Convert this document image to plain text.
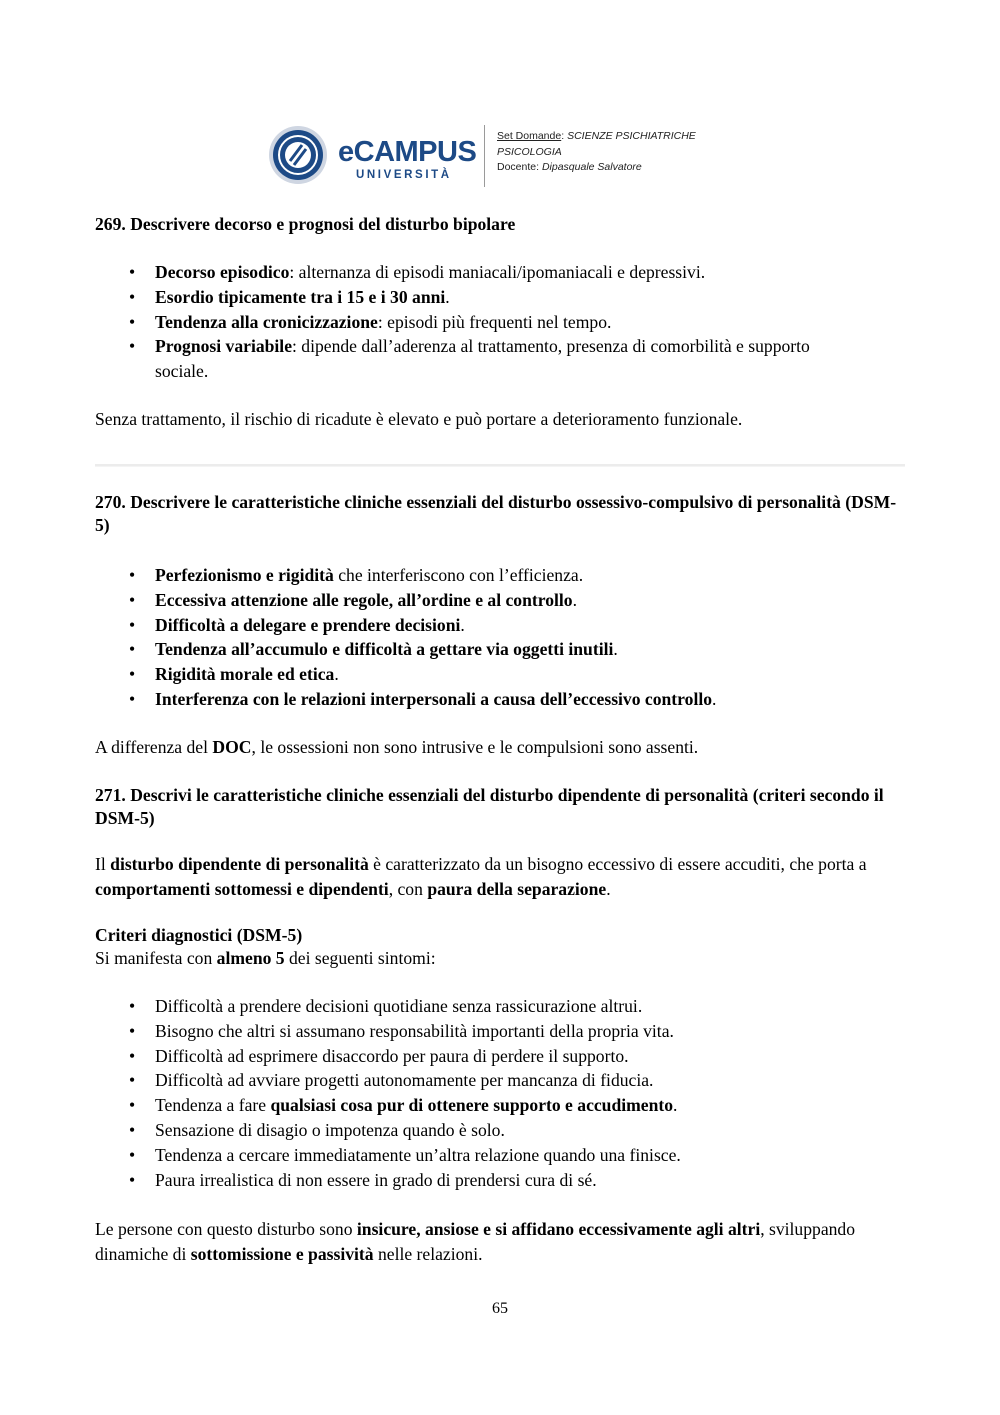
eCAMPUS
UNIVERSITÀ
Set Domande: SCIENZE PSICHIATRICHE
PSICOLOGIA
Docente: Dipasquale Salvatore
269. Descrivere decorso e prognosi del disturbo bipolare
• Decorso episodico: alternanza di episodi maniacali/ipomaniacali e depressivi.
• Esordio tipicamente tra i 15 e i 30 anni.
• Tendenza alla cronicizzazione: episodi più frequenti nel tempo.
• Prognosi variabile: dipende dall’aderenza al trattamento, presenza di comorbilità e supporto sociale.
Senza trattamento, il rischio di ricadute è elevato e può portare a deterioramento funzionale.
270. Descrivere le caratteristiche cliniche essenziali del disturbo ossessivo-compulsivo di personalità (DSM-5)
• Perfezionismo e rigidità che interferiscono con l’efficienza.
• Eccessiva attenzione alle regole, all’ordine e al controllo.
• Difficoltà a delegare e prendere decisioni.
• Tendenza all’accumulo e difficoltà a gettare via oggetti inutili.
• Rigidità morale ed etica.
• Interferenza con le relazioni interpersonali a causa dell’eccessivo controllo.
A differenza del DOC, le ossessioni non sono intrusive e le compulsioni sono assenti.
271. Descrivi le caratteristiche cliniche essenziali del disturbo dipendente di personalità (criteri secondo il DSM-5)
Il disturbo dipendente di personalità è caratterizzato da un bisogno eccessivo di essere accuditi, che porta a comportamenti sottomessi e dipendenti, con paura della separazione.
Criteri diagnostici (DSM-5)
Si manifesta con almeno 5 dei seguenti sintomi:
• Difficoltà a prendere decisioni quotidiane senza rassicurazione altrui.
• Bisogno che altri si assumano responsabilità importanti della propria vita.
• Difficoltà ad esprimere disaccordo per paura di perdere il supporto.
• Difficoltà ad avviare progetti autonomamente per mancanza di fiducia.
• Tendenza a fare qualsiasi cosa pur di ottenere supporto e accudimento.
• Sensazione di disagio o impotenza quando è solo.
• Tendenza a cercare immediatamente un’altra relazione quando una finisce.
• Paura irrealistica di non essere in grado di prendersi cura di sé.
Le persone con questo disturbo sono insicure, ansiose e si affidano eccessivamente agli altri, sviluppando dinamiche di sottomissione e passività nelle relazioni.
65
